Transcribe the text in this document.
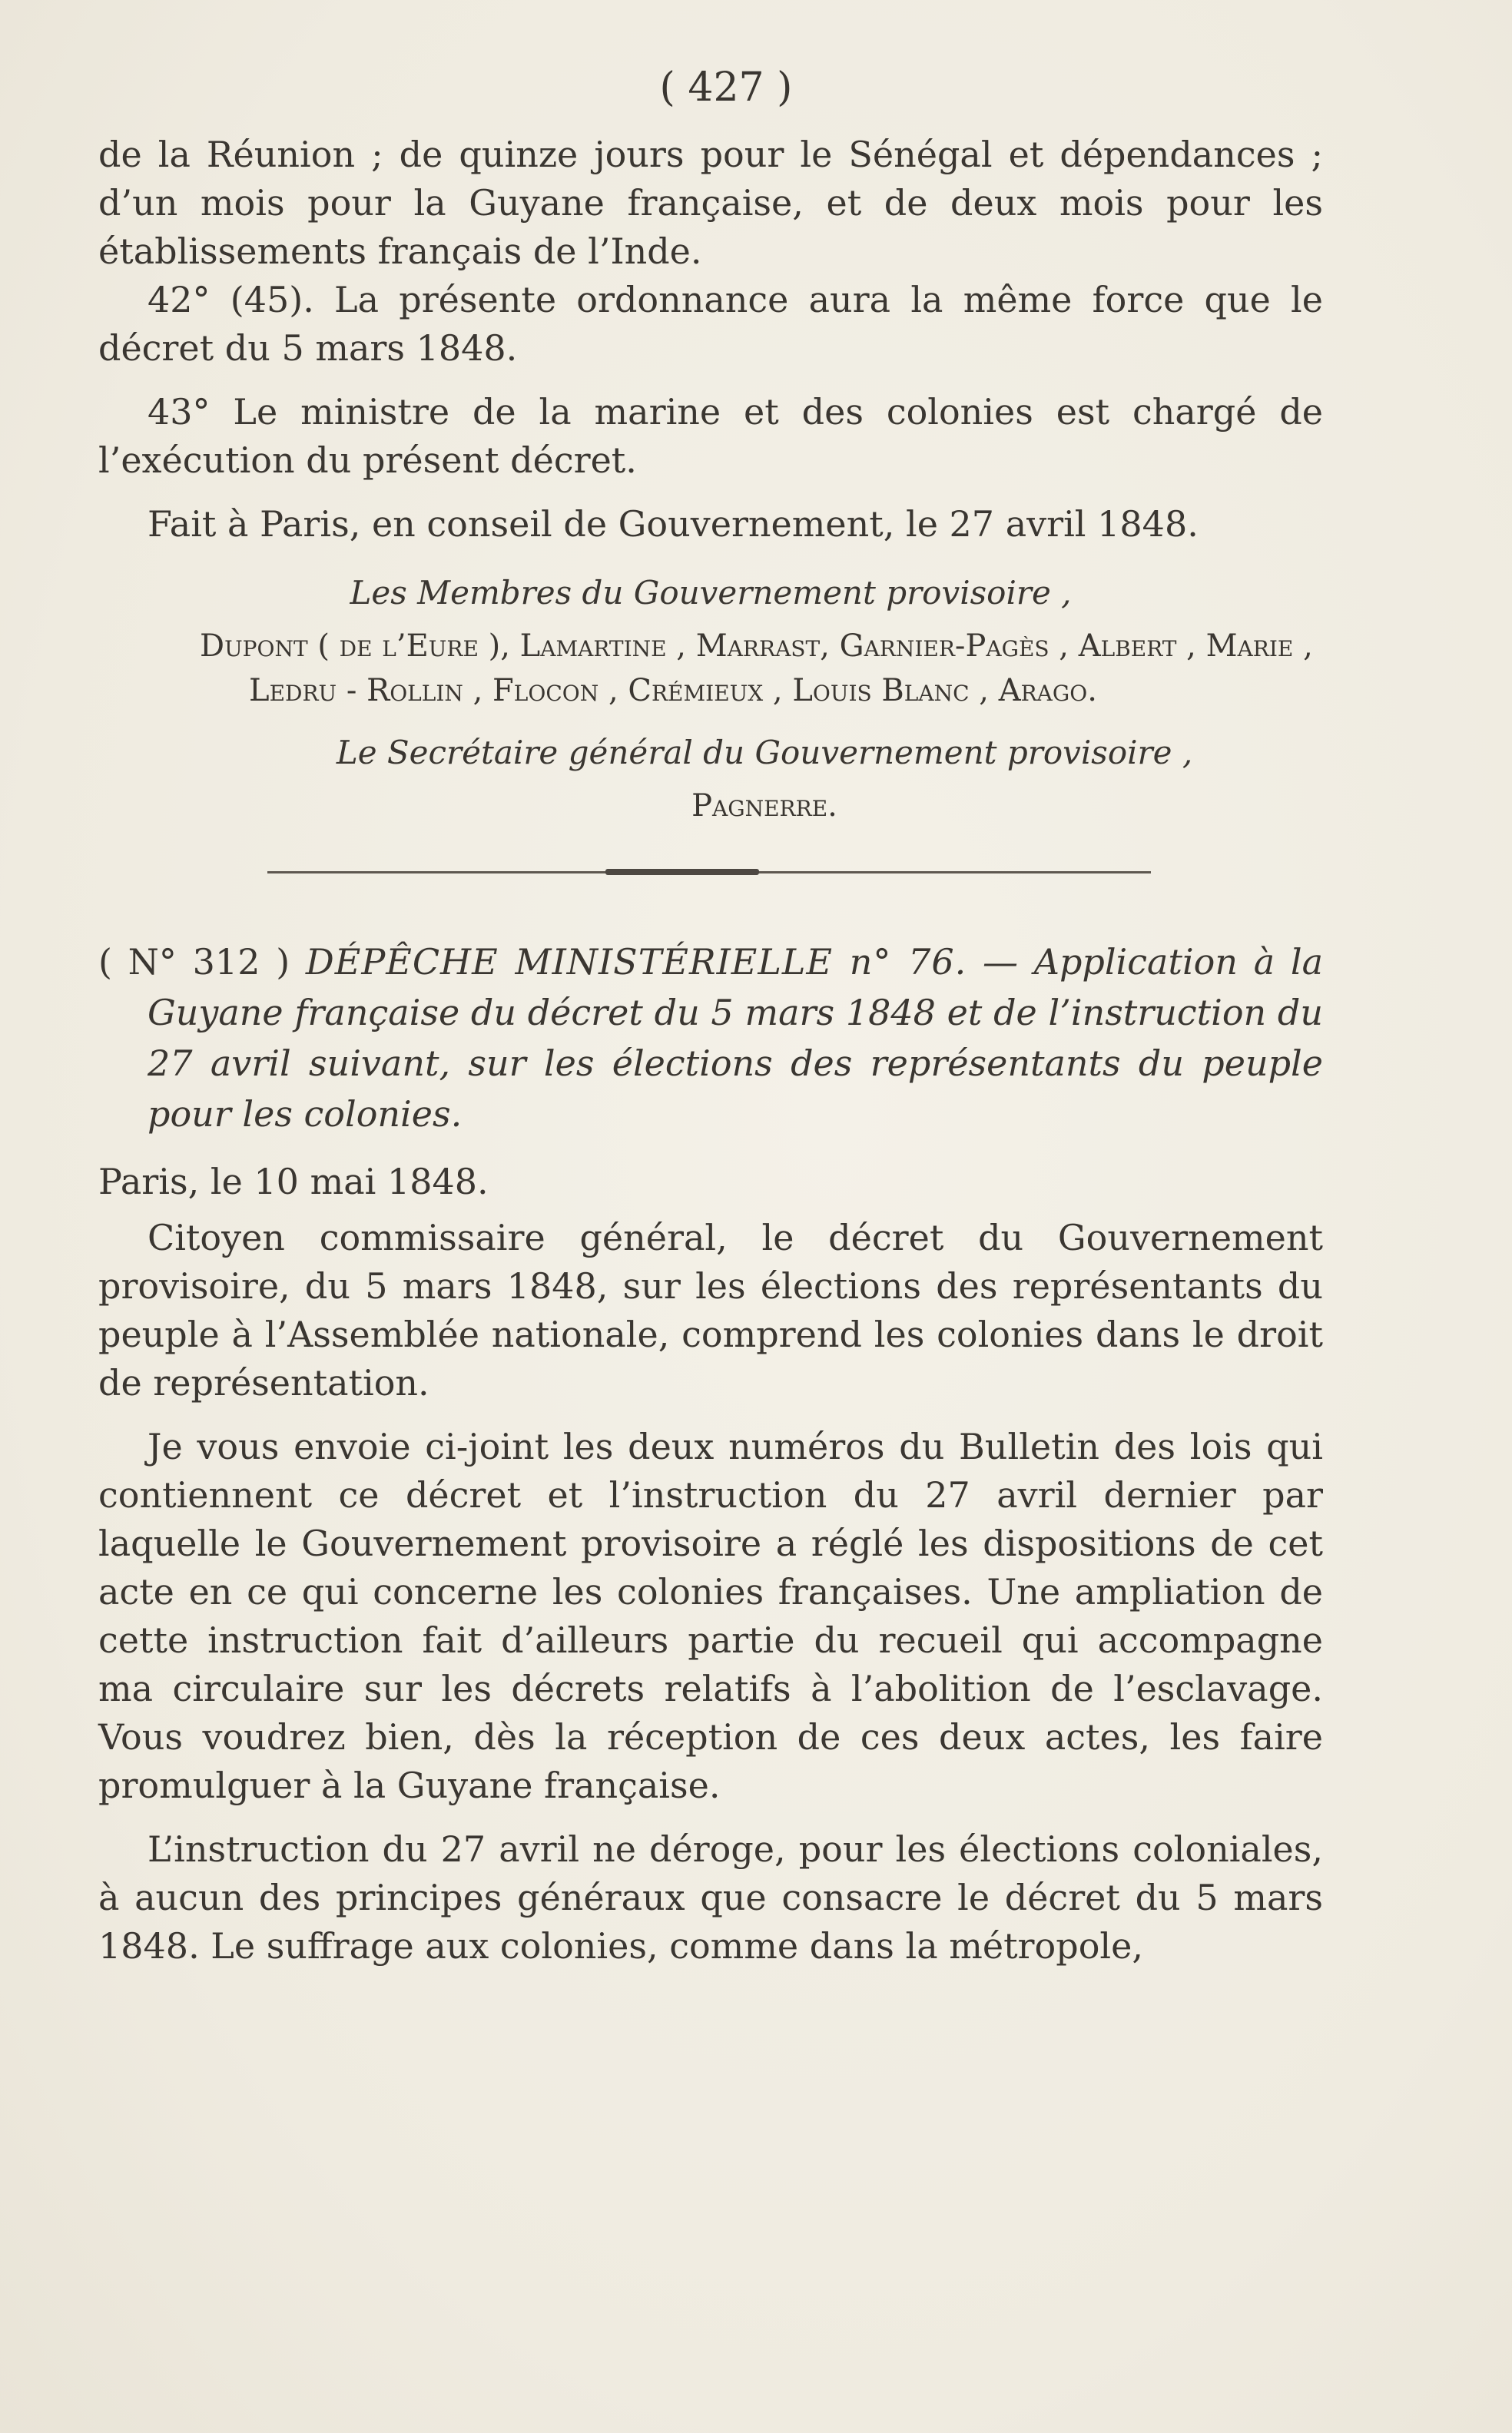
( 427 )

de la Réunion ; de quinze jours pour le Sénégal et dépendances ; d’un mois pour la Guyane française, et de deux mois pour les établissements français de l’Inde.

42° (45). La présente ordonnance aura la même force que le décret du 5 mars 1848.

43° Le ministre de la marine et des colonies est chargé de l’exécution du présent décret.

Fait à Paris, en conseil de Gouvernement, le 27 avril 1848.

Les Membres du Gouvernement provisoire ,
Dupont ( de l’Eure ), Lamartine , Marrast, Garnier-Pagès , Albert , Marie , Ledru - Rollin , Flocon , Crémieux , Louis Blanc , Arago.
Le Secrétaire général du Gouvernement provisoire ,
Pagnerre.
( N° 312 ) DÉPÊCHE MINISTÉRIELLE n° 76. — Application à la Guyane française du décret du 5 mars 1848 et de l’instruction du 27 avril suivant, sur les élections des représentants du peuple pour les colonies.

Paris, le 10 mai 1848.

Citoyen commissaire général, le décret du Gouvernement provisoire, du 5 mars 1848, sur les élections des représentants du peuple à l’Assemblée nationale, comprend les colonies dans le droit de représentation.

Je vous envoie ci-joint les deux numéros du Bulletin des lois qui contiennent ce décret et l’instruction du 27 avril dernier par laquelle le Gouvernement provisoire a réglé les dispositions de cet acte en ce qui concerne les colonies françaises. Une ampliation de cette instruction fait d’ailleurs partie du recueil qui accompagne ma circulaire sur les décrets relatifs à l’abolition de l’esclavage. Vous voudrez bien, dès la réception de ces deux actes, les faire promulguer à la Guyane française.

L’instruction du 27 avril ne déroge, pour les élections coloniales, à aucun des principes généraux que consacre le décret du 5 mars 1848. Le suffrage aux colonies, comme dans la métropole,
